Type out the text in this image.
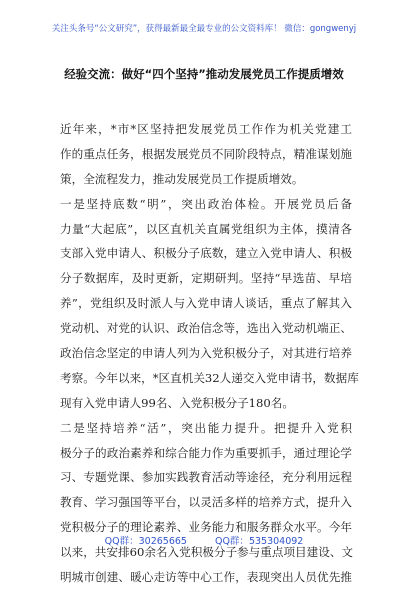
关注头条号“公文研究”，获得最新最全最专业的公文资料库！ 微信：gongwenyj
经验交流：做好“四个坚持”推动发展党员工作提质增效
近年来，*市*区坚持把发展党员工作作为机关党建工
作的重点任务，根据发展党员不同阶段特点，精准谋划施
策，全流程发力，推动发展党员工作提质增效。
一是坚持底数“明”，突出政治体检。开展党员后备
力量“大起底”，以区直机关直属党组织为主体，摸清各
支部入党申请人、积极分子底数，建立入党申请人、积极
分子数据库，及时更新，定期研判。坚持“早选苗、早培
养”，党组织及时派人与入党申请人谈话，重点了解其入
党动机、对党的认识、政治信念等，选出入党动机端正、
政治信念坚定的申请人列为入党积极分子，对其进行培养
考察。今年以来，*区直机关32人递交入党申请书，数据库
现有入党申请人99名、入党积极分子180名。
二是坚持培养“活”，突出能力提升。把提升入党积
极分子的政治素养和综合能力作为重要抓手，通过理论学
习、专题党课、参加实践教育活动等途径，充分利用远程
教育、学习强国等平台，以灵活多样的培养方式，提升入
党积极分子的理论素养、业务能力和服务群众水平。今年
以来，共安排60余名入党积极分子参与重点项目建设、文
明城市创建、暖心走访等中心工作，表现突出人员优先推
QQ群：30265665	QQ群：535304092
